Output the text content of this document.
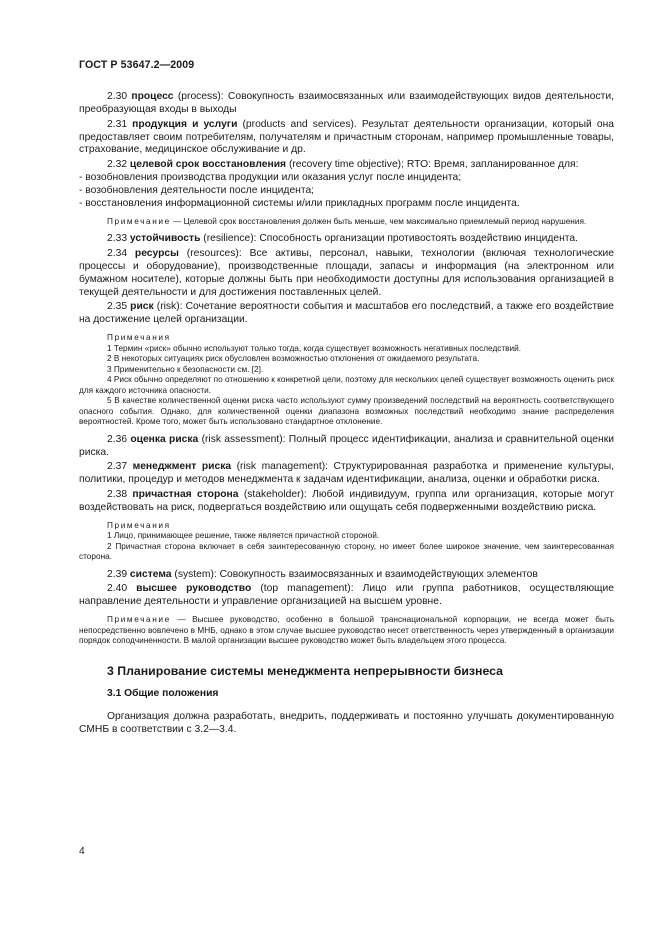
ГОСТ Р 53647.2—2009

2.30 процесс (process): Совокупность взаимосвязанных или взаимодействующих видов деятельности, преобразующая входы в выходы

2.31 продукция и услуги (products and services). Результат деятельности организации, который она предоставляет своим потребителям, получателям и причастным сторонам, например промышленные товары, страхование, медицинское обслуживание и др.

2.32 целевой срок восстановления (recovery time objective); RTO: Время, запланированное для:

- возобновления производства продукции или оказания услуг после инцидента;

- возобновления деятельности после инцидента;

- восстановления информационной системы и/или прикладных программ после инцидента.

Примечание — Целевой срок восстановления должен быть меньше, чем максимально приемлемый период нарушения.

2.33 устойчивость (resilience): Способность организации противостоять воздействию инцидента.

2.34 ресурсы (resources): Все активы, персонал, навыки, технологии (включая технологические процессы и оборудование), производственные площади, запасы и информация (на электронном или бумажном носителе), которые должны быть при необходимости доступны для использования организацией в текущей деятельности и для достижения поставленных целей.

2.35 риск (risk): Сочетание вероятности события и масштабов его последствий, а также его воздействие на достижение целей организации.

Примечания

1 Термин «риск» обычно используют только тогда, когда существует возможность негативных последствий.

2 В некоторых ситуациях риск обусловлен возможностью отклонения от ожидаемого результата.

3 Применительно к безопасности см. [2].

4 Риск обычно определяют по отношению к конкретной цели, поэтому для нескольких целей существует возможность оценить риск для каждого источника опасности.

5 В качестве количественной оценки риска часто используют сумму произведений последствий на вероятность соответствующего опасного события. Однако, для количественной оценки диапазона возможных последствий необходимо знание распределения вероятностей. Кроме того, может быть использовано стандартное отклонение.

2.36 оценка риска (risk assessment): Полный процесс идентификации, анализа и сравнительной оценки риска.

2.37 менеджмент риска (risk management): Структурированная разработка и применение культуры, политики, процедур и методов менеджмента к задачам идентификации, анализа, оценки и обработки риска.

2.38 причастная сторона (stakeholder): Любой индивидуум, группа или организация, которые могут воздействовать на риск, подвергаться воздействию или ощущать себя подверженными воздействию риска.

Примечания

1 Лицо, принимающее решение, также является причастной стороной.

2 Причастная сторона включает в себя заинтересованную сторону, но имеет более широкое значение, чем заинтересованная сторона.

2.39 система (system): Совокупность взаимосвязанных и взаимодействующих элементов

2.40 высшее руководство (top management): Лицо или группа работников, осуществляющие направление деятельности и управление организацией на высшем уровне.

Примечание — Высшее руководство, особенно в большой транснациональной корпорации, не всегда может быть непосредственно вовлечено в МНБ, однако в этом случае высшее руководство несет ответственность через утвержденный в организации порядок соподчиненности. В малой организации высшее руководство может быть владельцем этого процесса.

3 Планирование системы менеджмента непрерывности бизнеса
3.1 Общие положения

Организация должна разработать, внедрить, поддерживать и постоянно улучшать документированную СМНБ в соответствии с 3.2—3.4.

4
